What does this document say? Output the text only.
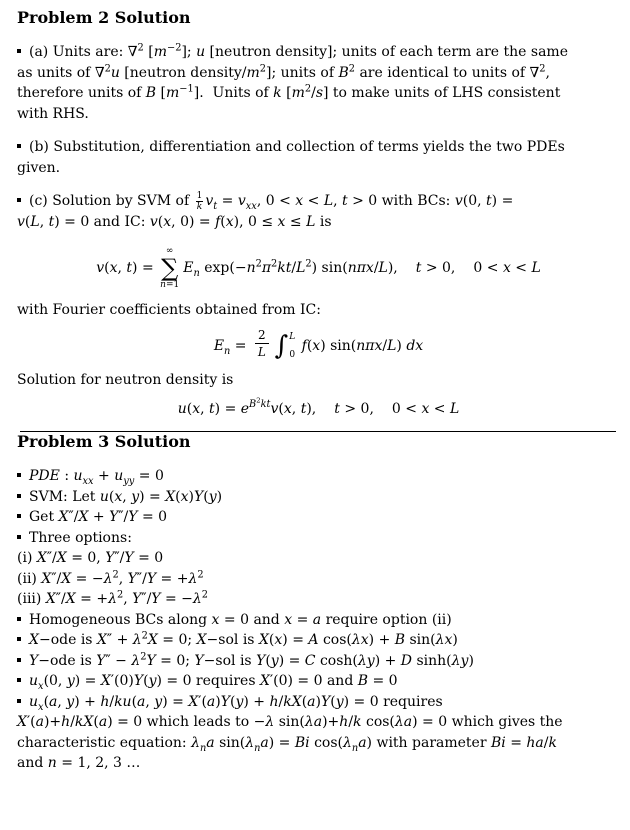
Problem 2 Solution
(a) Units are: ∇$^2$ $[m^{-2}]$; u [neutron density]; units of each term are the same
as units of ∇$^2$u [neutron density/$m^2$]; units of $B^2$ are identical to units of ∇$^2$,
therefore units of B $[m^{-1}]$.  Units of k $[m^2/s]$ to make units of LHS consistent
with RHS.
(b) Substitution, differentiation and collection of terms yields the two PDEs
given.
(c) Solution by SVM of $\frac{1}{k} v_t = v_{xx}$, 0 < x < L, t > 0 with BCs: v(0, t) =
v(L, t) = 0 and IC: v(x, 0) = f(x), 0 ≤ x ≤ L is
v(x, t) =
∞
∑
n=1
$E_n$ $\exp(-n^2\pi^2kt/L^2)$ sin(nπx/L), t > 0, 0 < x < L
with Fourier coefficients obtained from IC:
$E_n = \frac{2}{L}$ ∫ L
0
f(x) sin(nπx/L) dx
Solution for neutron density is
u(x, $t) = e^{B^2kt}v(x$, t), t > 0, 0 < x < L
Problem 3 Solution
PDE : $u_{xx} + u_{yy} = 0$
SVM: Let u(x, y) = X(x)Y(y)
Get X″/X + Y″/Y = 0
Three options:
(i) X″/X = 0, Y″/Y = 0
(ii) $X''/X = -\lambda^2$, $Y''/Y = +\lambda^2$
(iii) $X''/X = +\lambda^2$, $Y''/Y = -\lambda^2$
Homogeneous BCs along x = 0 and x = a require option (ii)
X−ode is $X'' + \lambda^2X = 0$; X−sol is X(x) = A cos(λx) + B sin(λx)
Y−ode is $Y'' - \lambda^2Y = 0$; Y−sol is Y(y) = C cosh(λy) + D sinh(λy)
$u_x(0$, y) = X′(0)Y(y) = 0 requires X′(0) = 0 and B = 0
$u_x(a$, y) + h/ku(a, y) = X′(a)Y(y) + h/kX(a)Y(y) = 0 requires
X′(a)+h/kX(a) = 0 which leads to −λ sin(λa)+h/k cos(λa) = 0 which gives the
characteristic equation: $\lambda_na$ $\sin(\lambda_na) = Bi$ $\cos(\lambda_na)$ with parameter Bi = ha/k
and n = 1, 2, 3 …
